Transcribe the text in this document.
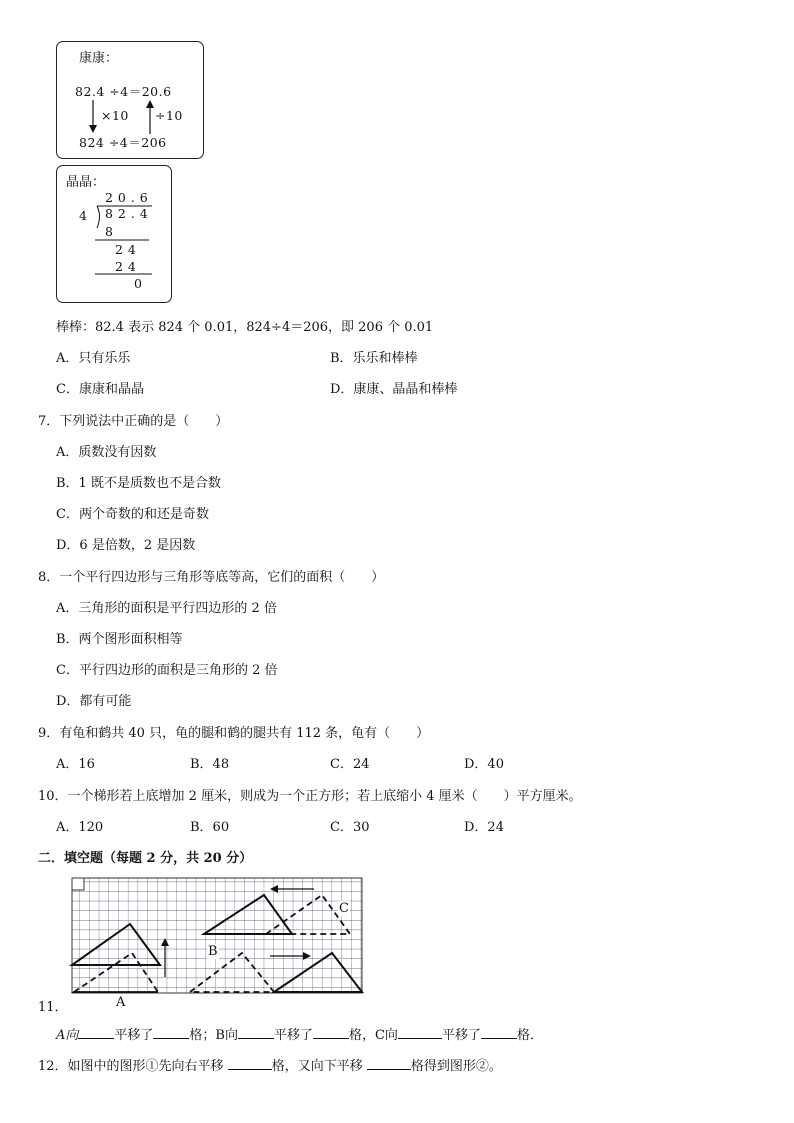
康康：
82.4 ÷4＝20.6
×10 ÷10
824 ÷4＝206
晶晶：
2 0 . 6
4 8 2 . 4
8
2 4
2 4
0
棒棒：82.4 表示 824 个 0.01，824÷4＝206，即 206 个 0.01
A．只有乐乐	B．乐乐和棒棒
C．康康和晶晶	D．康康、晶晶和棒棒
7．下列说法中正确的是（　　）
A．质数没有因数
B．1 既不是质数也不是合数
C．两个奇数的和还是奇数
D．6 是倍数，2 是因数
8．一个平行四边形与三角形等底等高，它们的面积（　　）
A．三角形的面积是平行四边形的 2 倍
B．两个图形面积相等
C．平行四边形的面积是三角形的 2 倍
D．都有可能
9．有龟和鹤共 40 只，龟的腿和鹤的腿共有 112 条，龟有（　　）
A．16	B．48	C．24	D．40
10．一个梯形若上底增加 2 厘米，则成为一个正方形；若上底缩小 4 厘米（　　）平方厘米。
A．120	B．60	C．30	D．24
二．填空题（每题 2 分，共 20 分）
A
B
C
11．
A向	平移了	格；B向	平移了	格，C向	平移了	格．
12．如图中的图形①先向右平移	格，又向下平移	格得到图形②。
